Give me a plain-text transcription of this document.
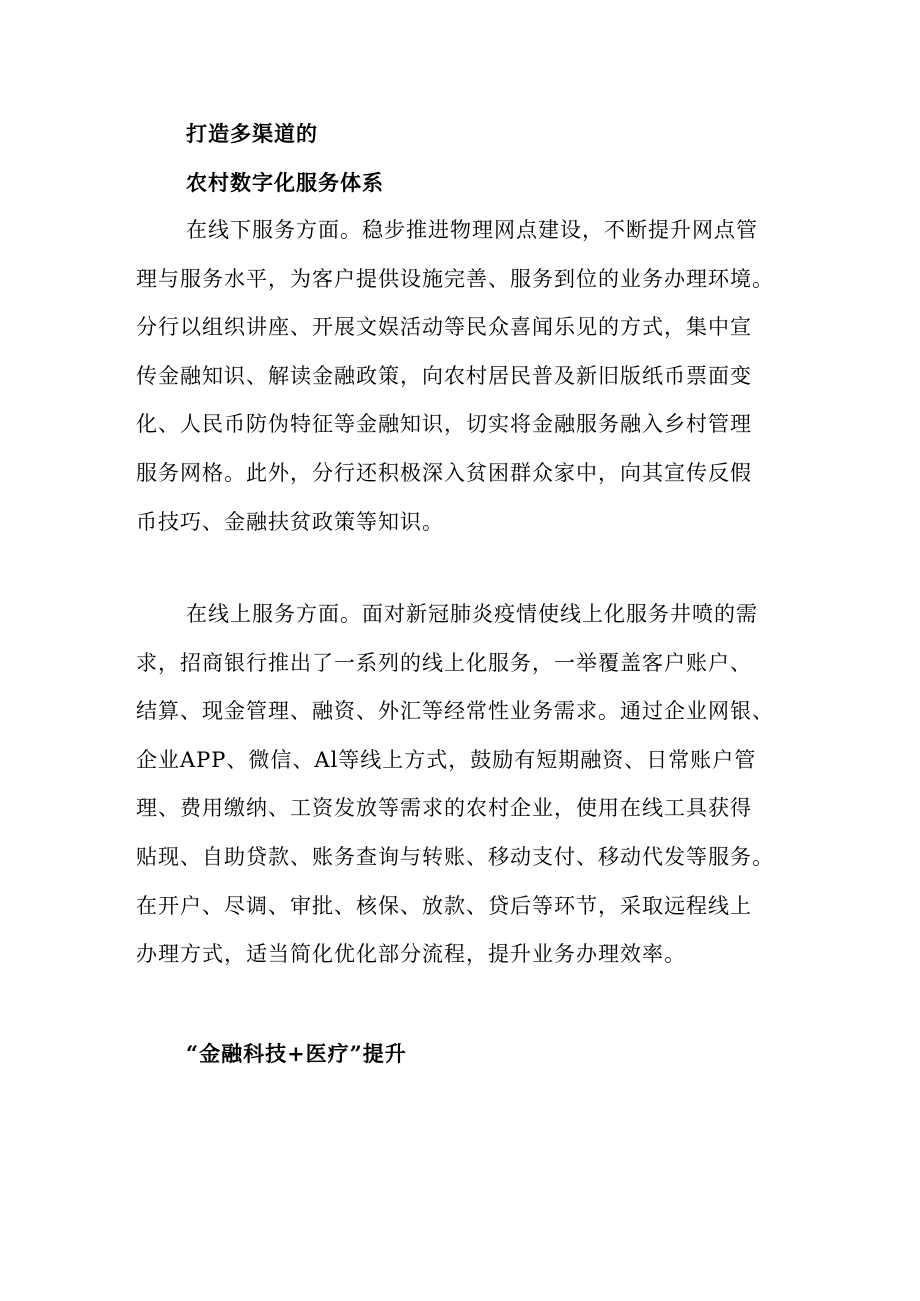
打造多渠道的
农村数字化服务体系
在线下服务方面。稳步推进物理网点建设，不断提升网点管
理与服务水平，为客户提供设施完善、服务到位的业务办理环境。
分行以组织讲座、开展文娱活动等民众喜闻乐见的方式，集中宣
传金融知识、解读金融政策，向农村居民普及新旧版纸币票面变
化、人民币防伪特征等金融知识，切实将金融服务融入乡村管理
服务网格。此外，分行还积极深入贫困群众家中，向其宣传反假
币技巧、金融扶贫政策等知识。
在线上服务方面。面对新冠肺炎疫情使线上化服务井喷的需
求，招商银行推出了一系列的线上化服务，一举覆盖客户账户、
结算、现金管理、融资、外汇等经常性业务需求。通过企业网银、
企业APP、微信、Al等线上方式，鼓励有短期融资、日常账户管
理、费用缴纳、工资发放等需求的农村企业，使用在线工具获得
贴现、自助贷款、账务查询与转账、移动支付、移动代发等服务。
在开户、尽调、审批、核保、放款、贷后等环节，采取远程线上
办理方式，适当简化优化部分流程，提升业务办理效率。
“金融科技+医疗”提升
